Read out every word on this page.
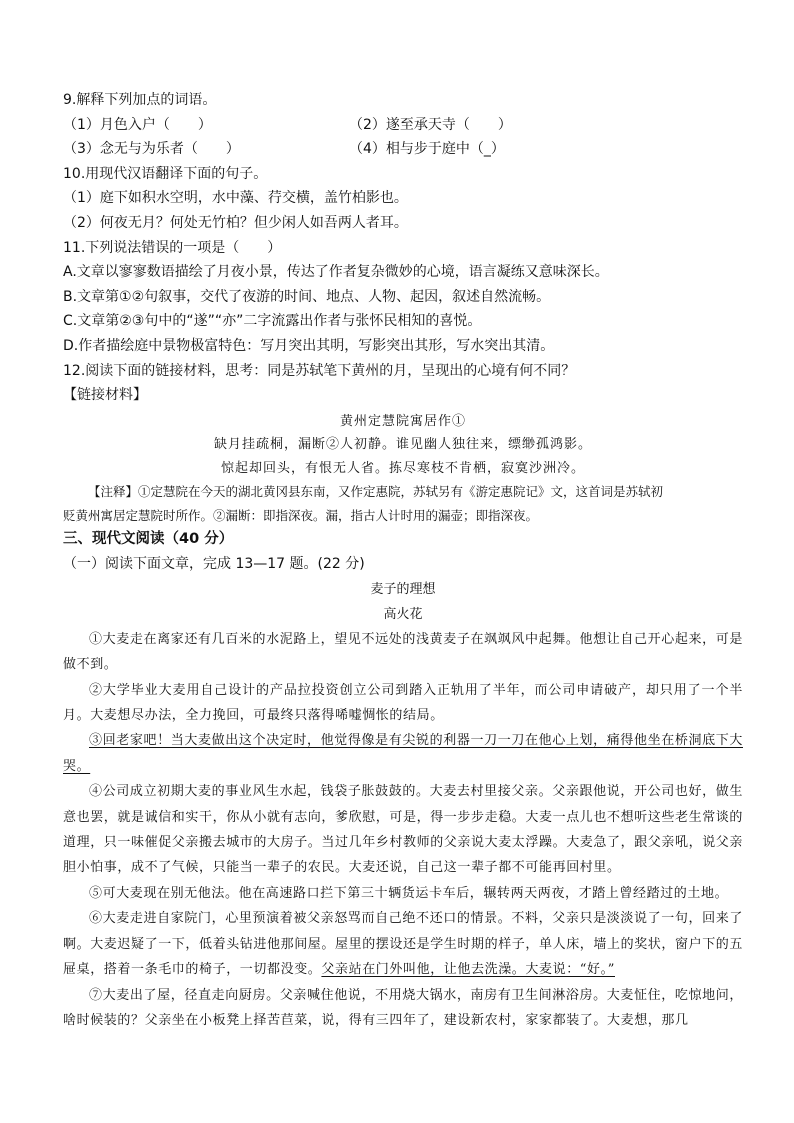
9.解释下列加点的词语。
（1）月色入户（　　）	（2）遂至承天寺（　　）
（3）念无与为乐者（　　）	（4）相与步于庭中（_）
10.用现代汉语翻译下面的句子。
（1）庭下如积水空明，水中藻、荇交横，盖竹柏影也。
（2）何夜无月？何处无竹柏？但少闲人如吾两人者耳。
11.下列说法错误的一项是（　　）
A.文章以寥寥数语描绘了月夜小景，传达了作者复杂微妙的心境，语言凝练又意味深长。
B.文章第①②句叙事，交代了夜游的时间、地点、人物、起因，叙述自然流畅。
C.文章第②③句中的“遂”“亦”二字流露出作者与张怀民相知的喜悦。
D.作者描绘庭中景物极富特色：写月突出其明，写影突出其形，写水突出其清。
12.阅读下面的链接材料，思考：同是苏轼笔下黄州的月，呈现出的心境有何不同？
【链接材料】
黄州定慧院寓居作①
缺月挂疏桐，漏断②人初静。谁见幽人独往来，缥缈孤鸿影。
惊起却回头，有恨无人省。拣尽寒枝不肯栖，寂寞沙洲冷。
【注释】①定慧院在今天的湖北黄冈县东南，又作定惠院，苏轼另有《游定惠院记》文，这首词是苏轼初
贬黄州寓居定慧院时所作。②漏断：即指深夜。漏，指古人计时用的漏壶；即指深夜。
三、现代文阅读（40 分）
（一）阅读下面文章，完成 13—17 题。(22 分)
麦子的理想
高火花

①大麦走在离家还有几百米的水泥路上，望见不远处的浅黄麦子在飒飒风中起舞。他想让自己开心起来，可是做不到。

②大学毕业大麦用自己设计的产品拉投资创立公司到踏入正轨用了半年，而公司申请破产，却只用了一个半月。大麦想尽办法，全力挽回，可最终只落得唏嘘惆怅的结局。

③回老家吧！当大麦做出这个决定时，他觉得像是有尖锐的利器一刀一刀在他心上划，痛得他坐在桥洞底下大哭。

④公司成立初期大麦的事业风生水起，钱袋子胀鼓鼓的。大麦去村里接父亲。父亲跟他说，开公司也好，做生意也罢，就是诚信和实干，你从小就有志向，爹欣慰，可是，得一步步走稳。大麦一点儿也不想听这些老生常谈的道理，只一味催促父亲搬去城市的大房子。当过几年乡村教师的父亲说大麦太浮躁。大麦急了，跟父亲吼，说父亲胆小怕事，成不了气候，只能当一辈子的农民。大麦还说，自己这一辈子都不可能再回村里。

⑤可大麦现在别无他法。他在高速路口拦下第三十辆货运卡车后，辗转两天两夜，才踏上曾经踏过的土地。

⑥大麦走进自家院门，心里预演着被父亲怒骂而自己绝不还口的情景。不料，父亲只是淡淡说了一句，回来了啊。大麦迟疑了一下，低着头钻进他那间屋。屋里的摆设还是学生时期的样子，单人床，墙上的奖状，窗户下的五屉桌，搭着一条毛巾的椅子，一切都没变。父亲站在门外叫他，让他去洗澡。大麦说：“好。”

⑦大麦出了屋，径直走向厨房。父亲喊住他说，不用烧大锅水，南房有卫生间淋浴房。大麦怔住，吃惊地问，啥时候装的？父亲坐在小板凳上择苦苣菜，说，得有三四年了，建设新农村，家家都装了。大麦想，那几
